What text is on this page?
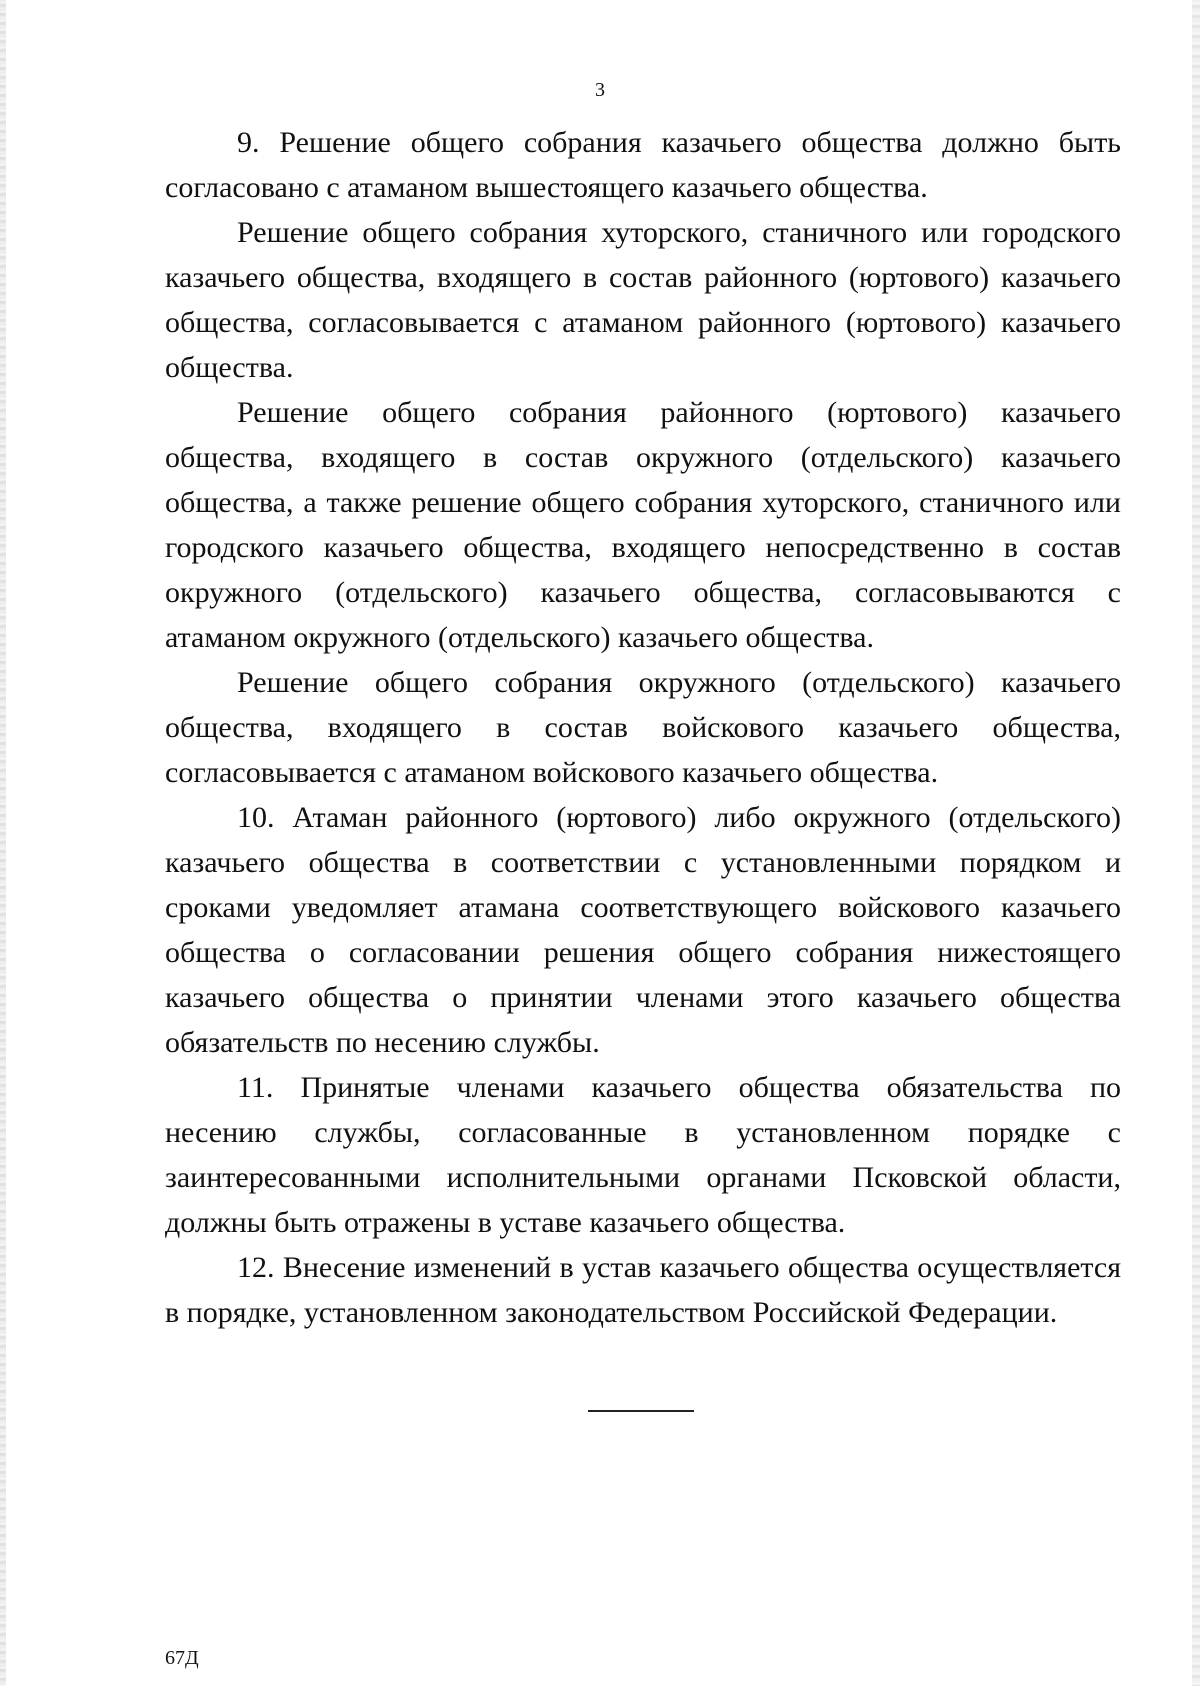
3

9. Решение общего собрания казачьего общества должно быть согласовано с атаманом вышестоящего казачьего общества.

Решение общего собрания хуторского, станичного или городского казачьего общества, входящего в состав районного (юртового) казачьего общества, согласовывается с атаманом районного (юртового) казачьего общества.

Решение общего собрания районного (юртового) казачьего общества, входящего в состав окружного (отдельского) казачьего общества, а также решение общего собрания хуторского, станичного или городского казачьего общества, входящего непосредственно в состав окружного (отдельского) казачьего общества, согласовываются с атаманом окружного (отдельского) казачьего общества.

Решение общего собрания окружного (отдельского) казачьего общества, входящего в состав войскового казачьего общества, согласовывается с атаманом войскового казачьего общества.

10. Атаман районного (юртового) либо окружного (отдельского) казачьего общества в соответствии с установленными порядком и сроками уведомляет атамана соответствующего войскового казачьего общества о согласовании решения общего собрания нижестоящего казачьего общества о принятии членами этого казачьего общества обязательств по несению службы.

11. Принятые членами казачьего общества обязательства по несению службы, согласованные в установленном порядке с заинтересованными исполнительными органами Псковской области, должны быть отражены в уставе казачьего общества.

12. Внесение изменений в устав казачьего общества осуществляется в порядке, установленном законодательством Российской Федерации.

67Д
